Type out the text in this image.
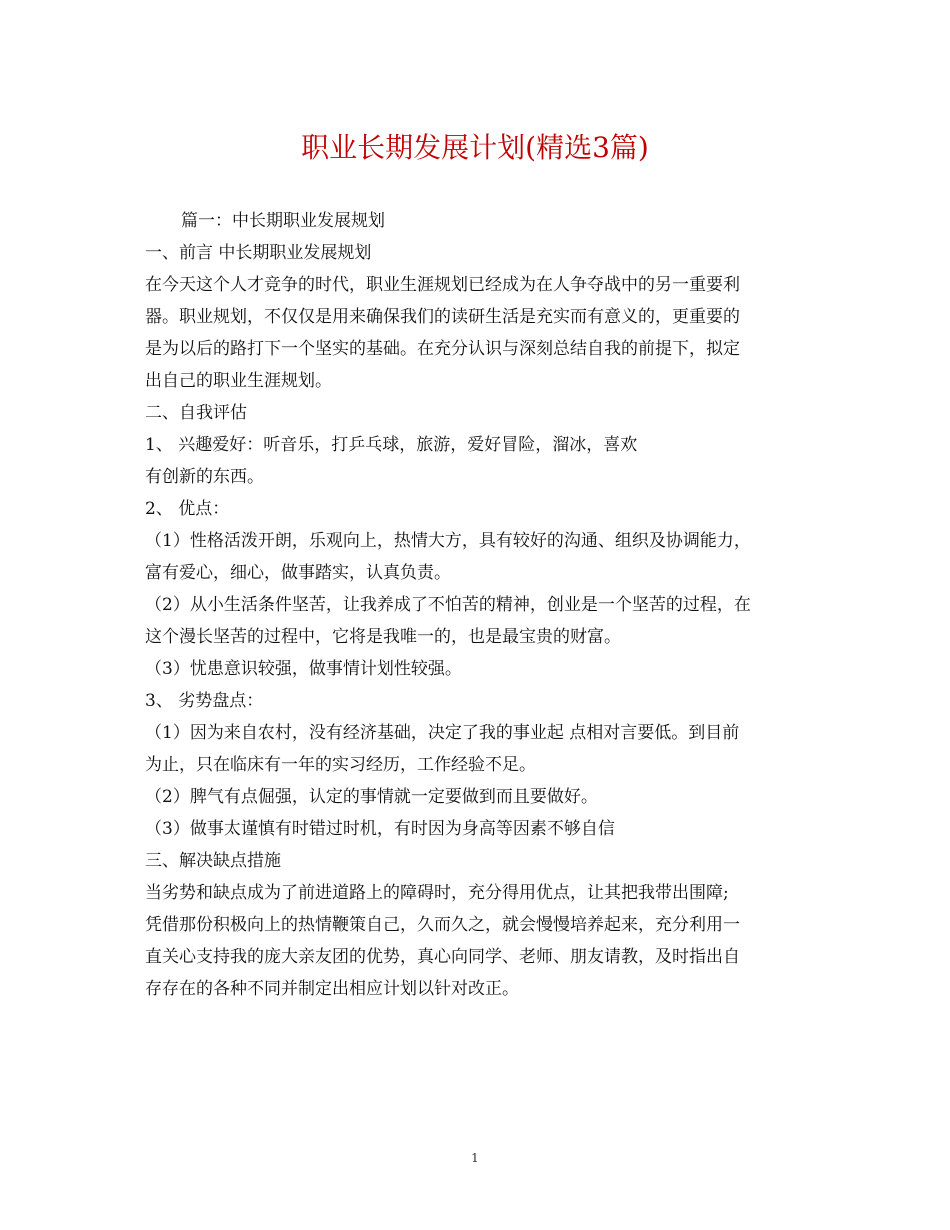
职业长期发展计划(精选3篇)
篇一：中长期职业发展规划
一、前言 中长期职业发展规划
在今天这个人才竞争的时代，职业生涯规划已经成为在人争夺战中的另一重要利
器。职业规划，不仅仅是用来确保我们的读研生活是充实而有意义的，更重要的
是为以后的路打下一个坚实的基础。在充分认识与深刻总结自我的前提下，拟定
出自己的职业生涯规划。
二、自我评估
1、 兴趣爱好：听音乐，打乒乓球，旅游，爱好冒险，溜冰，喜欢
有创新的东西。
2、 优点：
（1）性格活泼开朗，乐观向上，热情大方，具有较好的沟通、组织及协调能力，
富有爱心，细心，做事踏实，认真负责。
（2）从小生活条件坚苦，让我养成了不怕苦的精神，创业是一个坚苦的过程，在
这个漫长坚苦的过程中，它将是我唯一的，也是最宝贵的财富。
（3）忧患意识较强，做事情计划性较强。
3、 劣势盘点：
（1）因为来自农村，没有经济基础，决定了我的事业起 点相对言要低。到目前
为止，只在临床有一年的实习经历，工作经验不足。
（2）脾气有点倔强，认定的事情就一定要做到而且要做好。
（3）做事太谨慎有时错过时机，有时因为身高等因素不够自信
三、解决缺点措施
当劣势和缺点成为了前进道路上的障碍时，充分得用优点，让其把我带出围障;
凭借那份积极向上的热情鞭策自己，久而久之，就会慢慢培养起来，充分利用一
直关心支持我的庞大亲友团的优势，真心向同学、老师、朋友请教，及时指出自
存存在的各种不同并制定出相应计划以针对改正。
1
